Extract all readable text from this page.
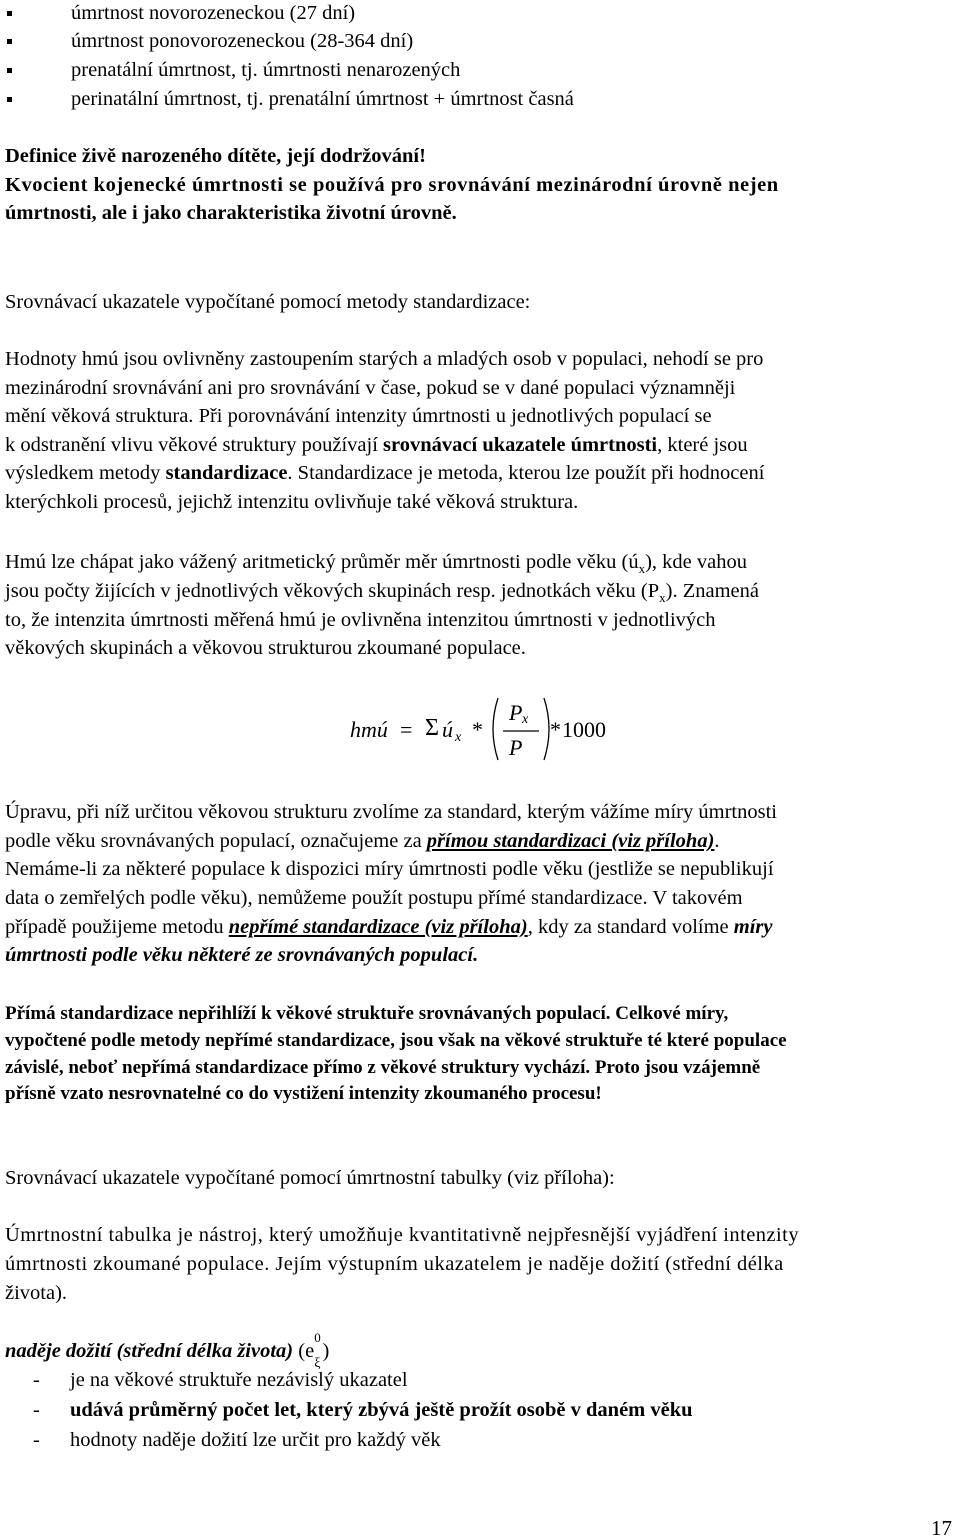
úmrtnost novorozeneckou (27 dní)
úmrtnost ponovorozeneckou (28-364 dní)
prenatální úmrtnost, tj. úmrtnosti nenarozených
perinatální úmrtnost, tj. prenatální úmrtnost + úmrtnost časná
Definice živě narozeného dítěte, její dodržování!
Kvocient kojenecké úmrtnosti se používá pro srovnávání mezinárodní úrovně nejen
úmrtnosti, ale i jako charakteristika životní úrovně.
Srovnávací ukazatele vypočítané pomocí metody standardizace:
Hodnoty hmú jsou ovlivněny zastoupením starých a mladých osob v populaci, nehodí se pro
mezinárodní srovnávání ani pro srovnávání v čase, pokud se v dané populaci významněji
mění věková struktura. Při porovnávání intenzity úmrtnosti u jednotlivých populací se
k odstranění vlivu věkové struktury používají srovnávací ukazatele úmrtnosti, které jsou
výsledkem metody standardizace. Standardizace je metoda, kterou lze použít při hodnocení
kterýchkoli procesů, jejichž intenzitu ovlivňuje také věková struktura.
Hmú lze chápat jako vážený aritmetický průměr měr úmrtnosti podle věku $(ú_x)$, kde vahou
jsou počty žijících v jednotlivých věkových skupinách resp. jednotkách věku $(P_x)$. Znamená
to, že intenzita úmrtnosti měřená hmú je ovlivněna intenzitou úmrtnosti v jednotlivých
věkových skupinách a věkovou strukturou zkoumané populace.
hmú = Σ ú x *
P x
P
* 1000
Úpravu, při níž určitou věkovou strukturu zvolíme za standard, kterým vážíme míry úmrtnosti
podle věku srovnávaných populací, označujeme za přímou standardizaci (viz příloha).
Nemáme-li za některé populace k dispozici míry úmrtnosti podle věku (jestliže se nepublikují
data o zemřelých podle věku), nemůžeme použít postupu přímé standardizace. V takovém
případě použijeme metodu nepřímé standardizace (viz příloha), kdy za standard volíme míry
úmrtnosti podle věku některé ze srovnávaných populací.
Přímá standardizace nepřihlíží k věkové struktuře srovnávaných populací. Celkové míry,
vypočtené podle metody nepřímé standardizace, jsou však na věkové struktuře té které populace
závislé, neboť nepřímá standardizace přímo z věkové struktury vychází. Proto jsou vzájemně
přísně vzato nesrovnatelné co do vystižení intenzity zkoumaného procesu!
Srovnávací ukazatele vypočítané pomocí úmrtnostní tabulky (viz příloha):
Úmrtnostní tabulka je nástroj, který umožňuje kvantitativně nejpřesnější vyjádření intenzity
úmrtnosti zkoumané populace. Jejím výstupním ukazatelem je naděje dožití (střední délka
života).
naděje dožití (střední délka života) (e
0
$_\xi$)
- je na věkové struktuře nezávislý ukazatel
- udává průměrný počet let, který zbývá ještě prožít osobě v daném věku
- hodnoty naděje dožití lze určit pro každý věk
17
